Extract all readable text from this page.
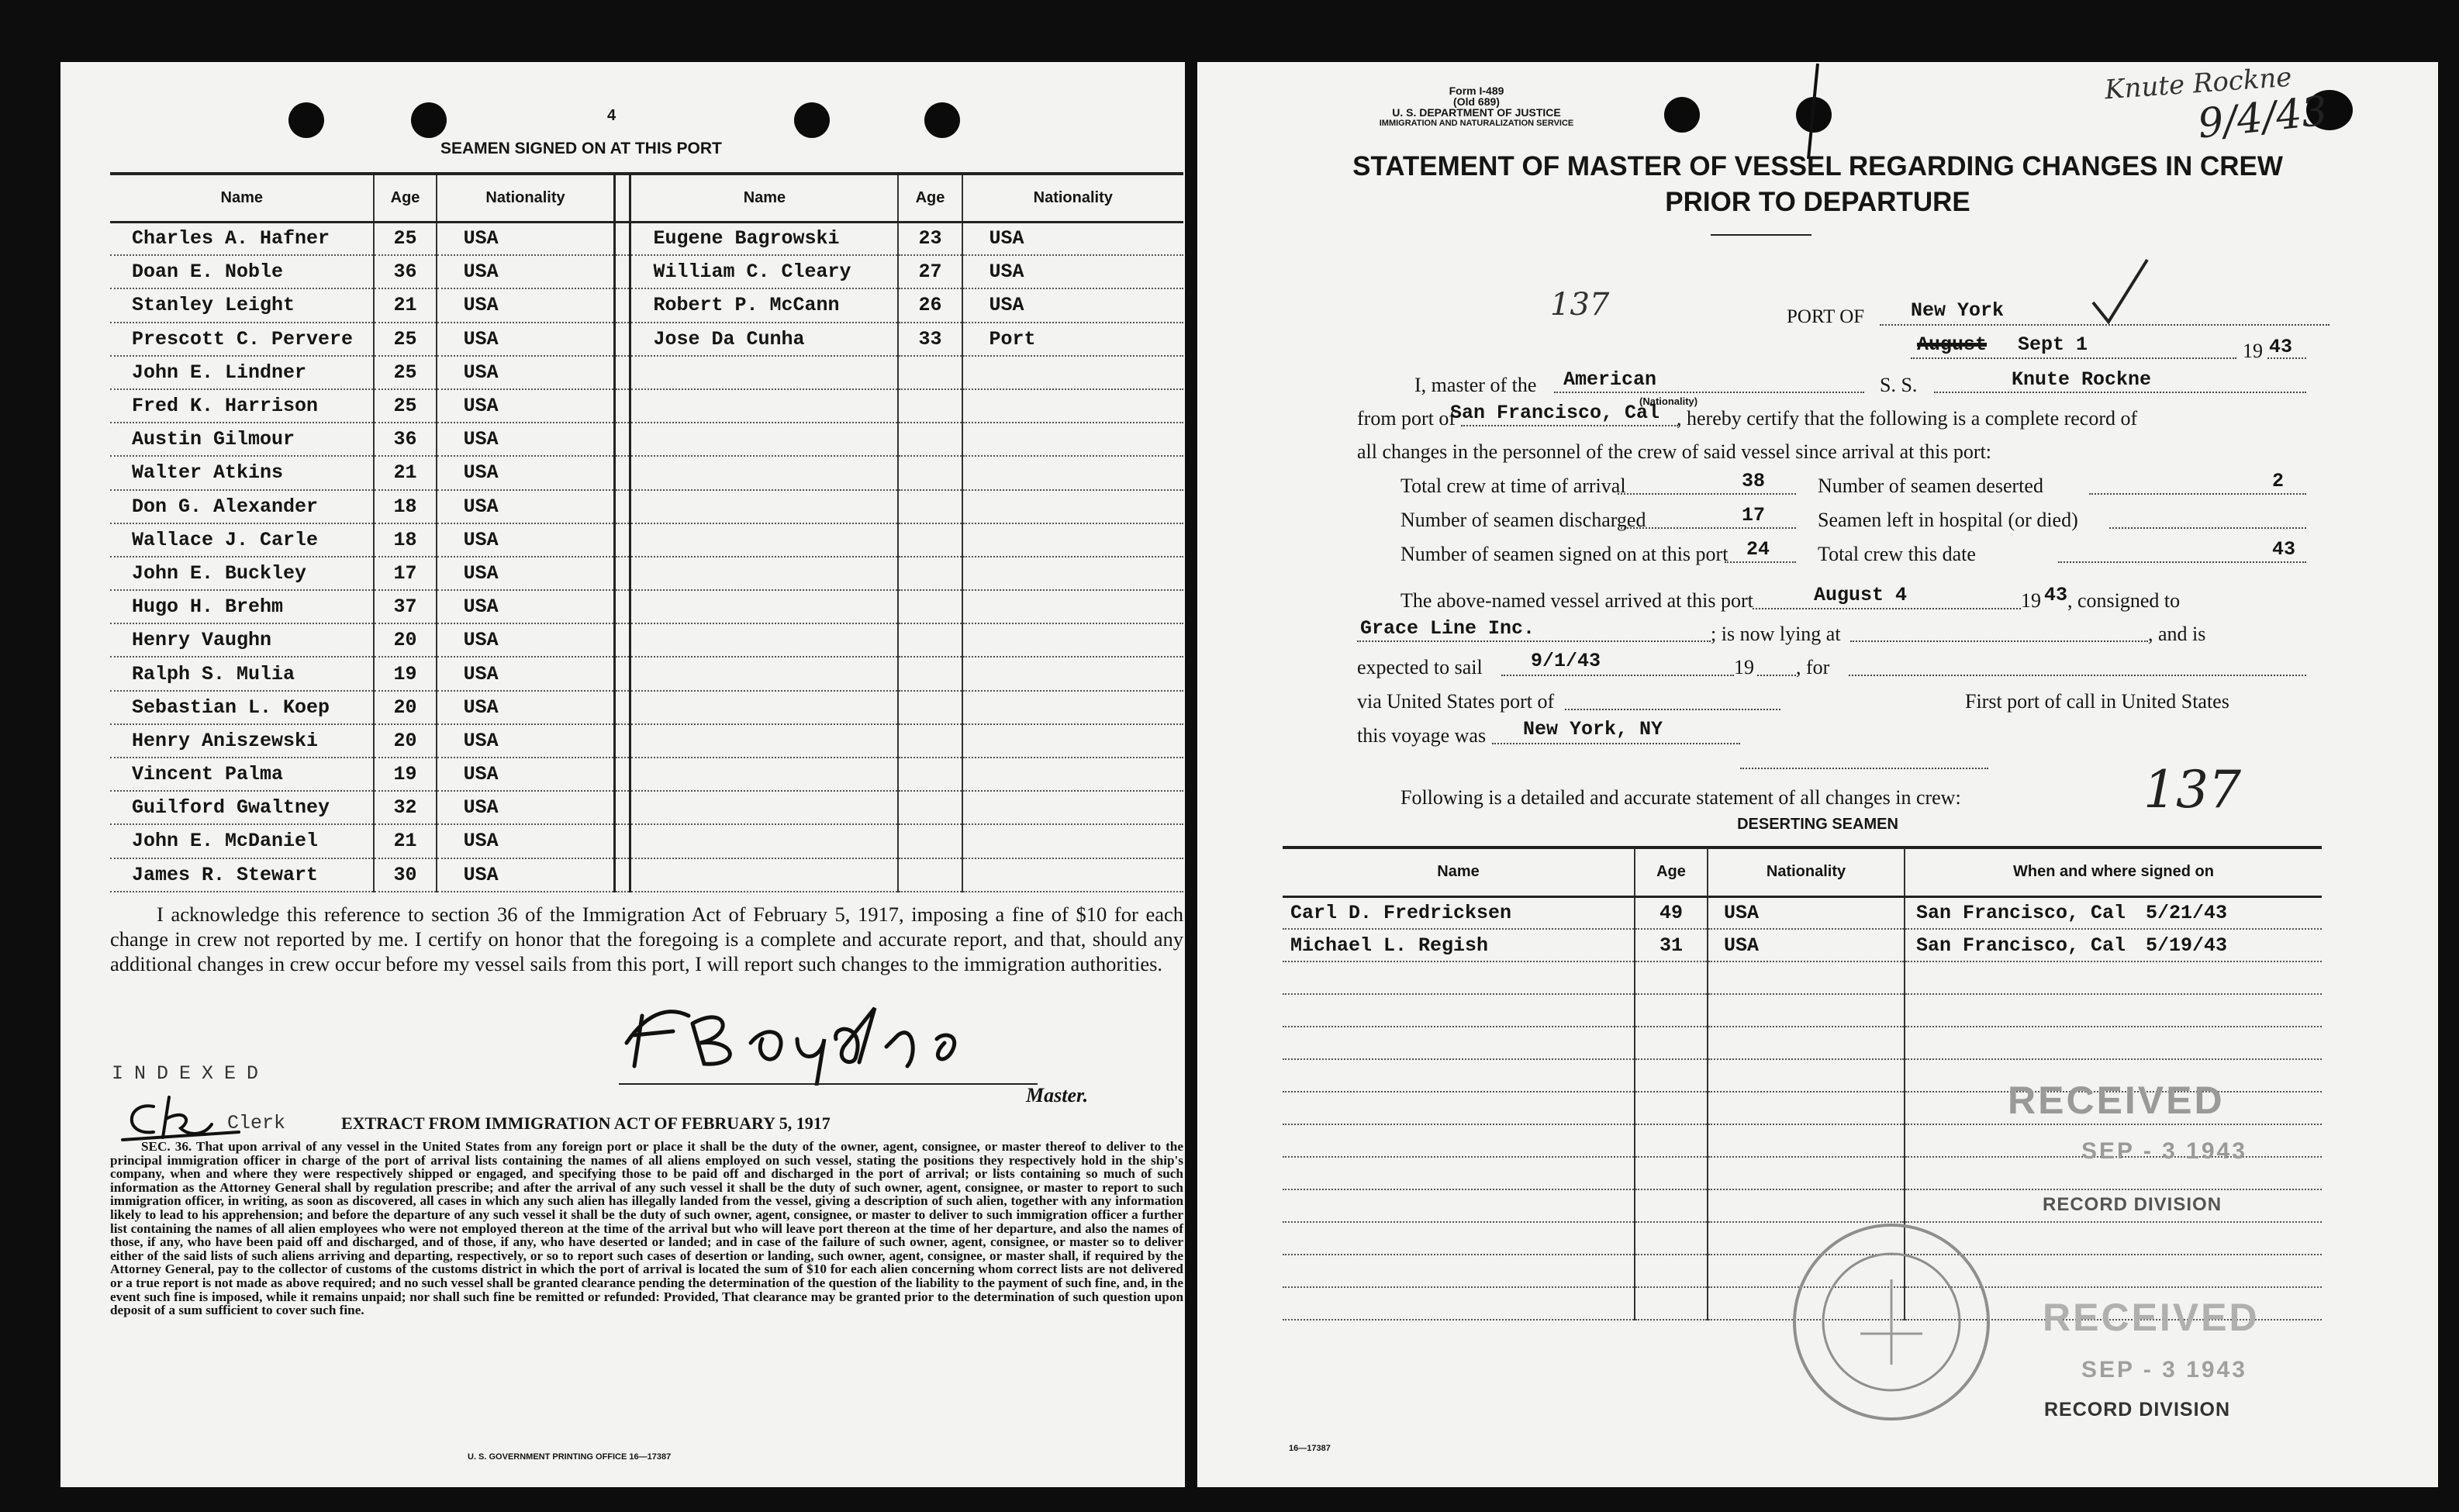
4
SEAMEN SIGNED ON AT THIS PORT
Name	Age	Nationality		Name	Age	Nationality
Charles A. Hafner	25	USA		Eugene Bagrowski	23	USA
Doan E. Noble	36	USA		William C. Cleary	27	USA
Stanley Leight	21	USA		Robert P. McCann	26	USA
Prescott C. Pervere	25	USA		Jose Da Cunha	33	Port
John E. Lindner	25	USA				
Fred K. Harrison	25	USA				
Austin Gilmour	36	USA				
Walter Atkins	21	USA				
Don G. Alexander	18	USA				
Wallace J. Carle	18	USA				
John E. Buckley	17	USA				
Hugo H. Brehm	37	USA				
Henry Vaughn	20	USA				
Ralph S. Mulia	19	USA				
Sebastian L. Koep	20	USA				
Henry Aniszewski	20	USA				
Vincent Palma	19	USA				
Guilford Gwaltney	32	USA				
John E. McDaniel	21	USA				
James R. Stewart	30	USA				
I acknowledge this reference to section 36 of the Immigration Act of February 5, 1917, imposing a fine of $10 for each change in crew not reported by me. I certify on honor that the foregoing is a complete and accurate report, and that, should any additional changes in crew occur before my vessel sails from this port, I will report such changes to the immigration authorities.
Master.
INDEXED
Clerk	EXTRACT FROM IMMIGRATION ACT OF FEBRUARY 5, 1917
SEC. 36. That upon arrival of any vessel in the United States from any foreign port or place it shall be the duty of the owner, agent, consignee, or master thereof to deliver to the principal immigration officer in charge of the port of arrival lists containing the names of all aliens employed on such vessel, stating the positions they respectively hold in the ship's company, when and where they were respectively shipped or engaged, and specifying those to be paid off and discharged in the port of arrival; or lists containing so much of such information as the Attorney General shall by regulation prescribe; and after the arrival of any such vessel it shall be the duty of such owner, agent, consignee, or master to report to such immigration officer, in writing, as soon as discovered, all cases in which any such alien has illegally landed from the vessel, giving a description of such alien, together with any information likely to lead to his apprehension; and before the departure of any such vessel it shall be the duty of such owner, agent, consignee, or master to deliver to such immigration officer a further list containing the names of all alien employees who were not employed thereon at the time of the arrival but who will leave port thereon at the time of her departure, and also the names of those, if any, who have been paid off and discharged, and of those, if any, who have deserted or landed; and in case of the failure of such owner, agent, consignee, or master so to deliver either of the said lists of such aliens arriving and departing, respectively, or so to report such cases of desertion or landing, such owner, agent, consignee, or master shall, if required by the Attorney General, pay to the collector of customs of the customs district in which the port of arrival is located the sum of $10 for each alien concerning whom correct lists are not delivered or a true report is not made as above required; and no such vessel shall be granted clearance pending the determination of the question of the liability to the payment of such fine, and, in the event such fine is imposed, while it remains unpaid; nor shall such fine be remitted or refunded: Provided, That clearance may be granted prior to the determination of such question upon deposit of a sum sufficient to cover such fine.
U. S. GOVERNMENT PRINTING OFFICE 16—17387
Form I-489
(Old 689)
U. S. DEPARTMENT OF JUSTICE
IMMIGRATION AND NATURALIZATION SERVICE
Knute Rockne
9/4/43
STATEMENT OF MASTER OF VESSEL REGARDING CHANGES IN CREW
PRIOR TO DEPARTURE
137	PORT OF New York
August Sept 1	19 43
I, master of the American
(Nationality)
S. S.	Knute Rockne
from port of
San Francisco, Cal , hereby certify that the following is a complete record of
all changes in the personnel of the crew of said vessel since arrival at this port:
Total crew at time of arrival	38	Number of seamen deserted	2
Number of seamen discharged	17	Seamen left in hospital (or died)
Number of seamen signed on at this port 24 Total crew this date	43
The above-named vessel arrived at this port	August 4	19 43 , consigned to
Grace Line Inc.	; is now lying at	, and is
expected to sail 9/1/43	19 , for
via United States port of	First port of call in United States
this voyage was New York, NY
Following is a detailed and accurate statement of all changes in crew:	137
DESERTING SEAMEN
Name	Age	Nationality	When and where signed on
Carl D. Fredricksen	49	USA	San Francisco, Cal 5/21/43
Michael L. Regish	31	USA	San Francisco, Cal 5/19/43

RECEIVED
SEP - 3 1943
RECORD DIVISION
RECEIVED
SEP - 3 1943
RECORD DIVISION
16—17387
